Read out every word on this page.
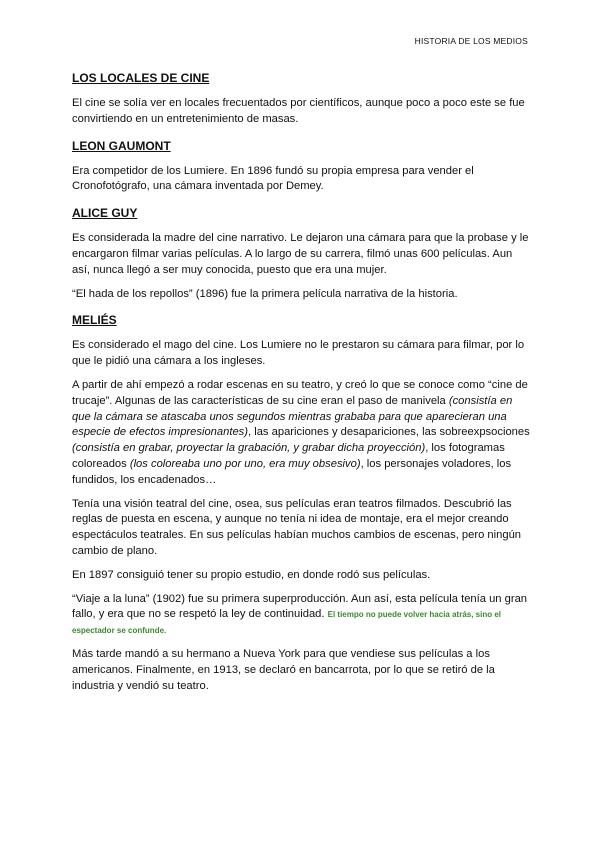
HISTORIA DE LOS MEDIOS
LOS LOCALES DE CINE

El cine se solía ver en locales frecuentados por científicos, aunque poco a poco este se fue convirtiendo en un entretenimiento de masas.

LEON GAUMONT

Era competidor de los Lumiere. En 1896 fundó su propia empresa para vender el Cronofotógrafo, una cámara inventada por Demey.

ALICE GUY

Es considerada la madre del cine narrativo. Le dejaron una cámara para que la probase y le encargaron filmar varias películas. A lo largo de su carrera, filmó unas 600 películas. Aun así, nunca llegó a ser muy conocida, puesto que era una mujer.

“El hada de los repollos” (1896) fue la primera película narrativa de la historia.

MELIÉS

Es considerado el mago del cine. Los Lumiere no le prestaron su cámara para filmar, por lo que le pidió una cámara a los ingleses.

A partir de ahí empezó a rodar escenas en su teatro, y creó lo que se conoce como “cine de trucaje”. Algunas de las características de su cine eran el paso de manivela (consistía en que la cámara se atascaba unos segundos mientras grababa para que aparecieran una especie de efectos impresionantes), las apariciones y desapariciones, las sobreexpsociones (consistía en grabar, proyectar la grabación, y grabar dicha proyección), los fotogramas coloreados (los coloreaba uno por uno, era muy obsesivo), los personajes voladores, los fundidos, los encadenados…

Tenía una visión teatral del cine, osea, sus películas eran teatros filmados. Descubrió las reglas de puesta en escena, y aunque no tenía ni idea de montaje, era el mejor creando espectáculos teatrales. En sus películas habían muchos cambios de escenas, pero ningún cambio de plano.

En 1897 consiguió tener su propio estudio, en donde rodó sus películas.

“Viaje a la luna” (1902) fue su primera superproducción. Aun así, esta película tenía un gran fallo, y era que no se respetó la ley de continuidad. El tiempo no puede volver hacia atrás, sino el espectador se confunde.

Más tarde mandó a su hermano a Nueva York para que vendiese sus películas a los americanos. Finalmente, en 1913, se declaró en bancarrota, por lo que se retiró de la industria y vendió su teatro.
